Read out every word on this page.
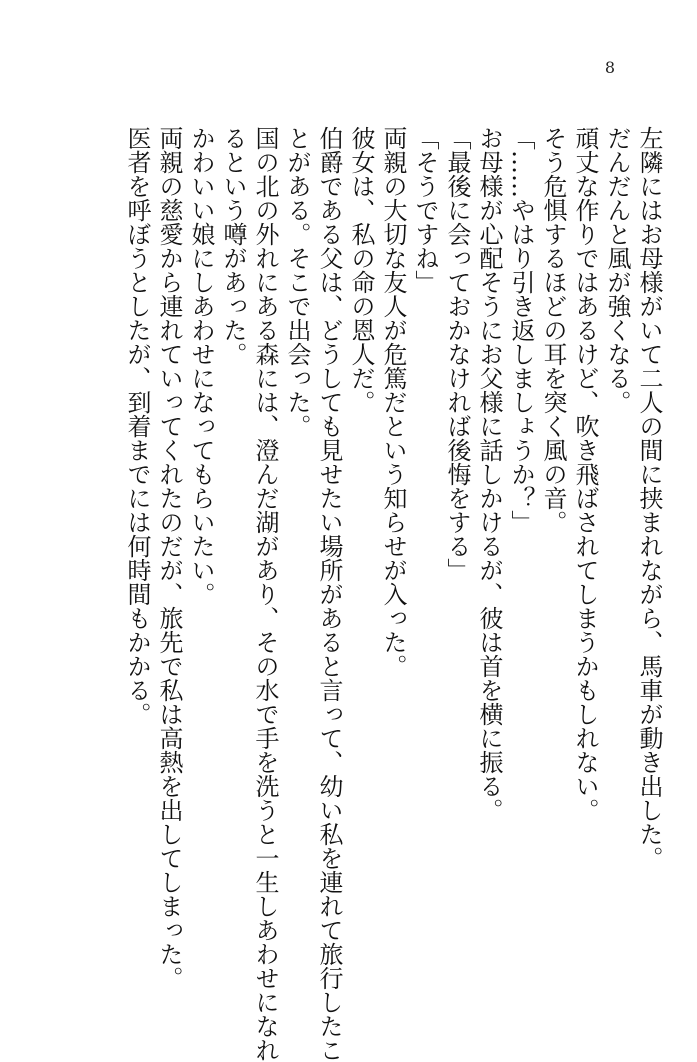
8
左隣にはお母様がいて二人の間に挟まれながら、馬車が動き出した。
だんだんと風が強くなる。
頑丈な作りではあるけど、吹き飛ばされてしまうかもしれない。
そう危惧するほどの耳を突く風の音。
「……やはり引き返しましょうか？」
お母様が心配そうにお父様に話しかけるが、彼は首を横に振る。
「最後に会っておかなければ後悔をする」
「そうですね」
両親の大切な友人が危篤だという知らせが入った。
彼女は、私の命の恩人だ。
伯爵である父は、どうしても見せたい場所があると言って、幼い私を連れて旅行したこ
とがある。そこで出会った。
国の北の外れにある森には、澄んだ湖があり、その水で手を洗うと一生しあわせになれ
るという噂があった。
かわいい娘にしあわせになってもらいたい。
両親の慈愛から連れていってくれたのだが、旅先で私は高熱を出してしまった。
医者を呼ぼうとしたが、到着までには何時間もかかる。
